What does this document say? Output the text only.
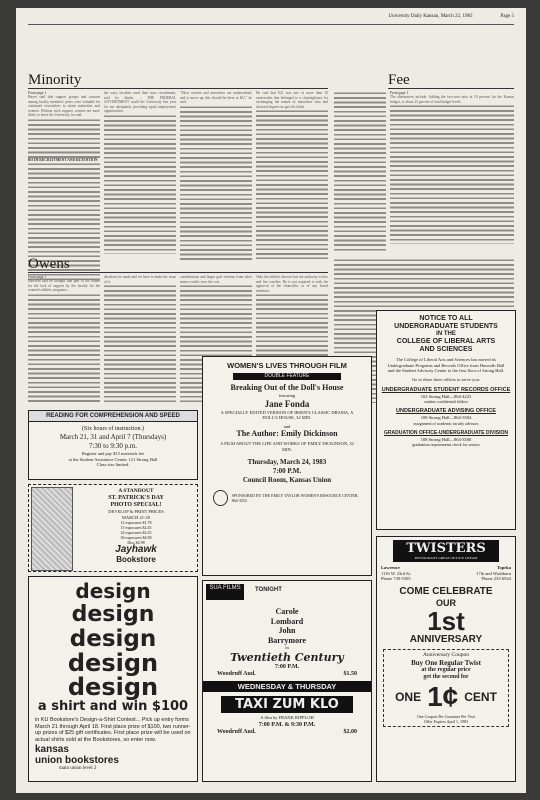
University Daily Kansan, March 22, 1983	Page 5
Minority
From page 1
Hayes said that support groups and concern among faculty members' peers were valuable for continued researchers to retain minorities and women. Without such support, women are more likely to leave the University, he said.
BOTH RECRUITMENT AND RETENTION
the ways faculties used their stars recruitment, said he thinks ... THE FEDERAL GOVERNMENT could the University last year for not adequately providing equal employment opportunities.
"Most women and minorities are undervalued, and to move up, this should be there at KU," he said.
He said that KU was one of more than 10 universities that belonged to a clearinghouse for exchanging the names of minorities who had doctoral degrees in specific fields.
Fee
From page 1
The alternatives include: Adding the two-cent ratio at 10 percent for the Kansas budget, or about 25 percent of total budget levels.
Owens
From page 1
Harrison said he thought that part of the blame for the lack of support by the faculty for the women's athletic programs ...
decisions he made and we have to make the issue of it.
contributions and larger gate revenue from other teams would cover the cost.
Only the athletic director has the authority to hire and fire coaches. He is not required to seek the approval of the chancellor or of any board members.
READING FOR COMPREHENSION AND SPEED
(Six hours of instruction.)
March 21, 31 and April 7 (Thursdays)
7:30 to 9:30 p.m.
Register and pay $15 materials fee
at the Student Assistance Center, 121 Strong Hall
Class size limited.
A STANDOUT
ST. PATRICK'S DAY
PHOTO SPECIAL!
DEVELOP & PRINT PRICES
MARCH 21-29
12 exposures $1.78
15 exposures $2.45
24 exposures $3.25
36 exposures $4.98
Disc $2.98
Jayhawk
Bookstore
design
design
design
design
design
a shirt and win $100
in KU Bookstore's Design-a-Shirt Contest... Pick up entry forms March 21 through April 18. First place prize of $100, two runner-up prizes of $25 gift certificates. First place prize will be used on actual shirts sold at the Bookstores, so enter now.
kansas
union bookstores
main union level 2
WOMEN'S LIVES THROUGH FILM
DOUBLE FEATURE
Breaking Out of the Doll's House
featuring
Jane Fonda
A SPECIALLY EDITED VERSION OF IBSEN'S CLASSIC DRAMA, A DOLL'S HOUSE, 32 MIN.
and
The Author: Emily Dickinson
A FILM ABOUT THE LIFE AND WORKS OF EMILY DICKINSON, 32 MIN.
Thursday, March 24, 1983
7:00 P.M.
Council Room, Kansas Union
SPONSORED BY THE EMILY TAYLOR WOMEN'S RESOURCE CENTER, 864-3552
NOTICE TO ALL
UNDERGRADUATE STUDENTS
IN THE
COLLEGE OF LIBERAL ARTS
AND SCIENCES
The College of Liberal Arts and Sciences has moved its Undergraduate Programs and Records Office from Haworth Hall and the Student Advisory Center to the first floor of Strong Hall.
Go to these three offices to serve you:
UNDERGRADUATE STUDENT RECORDS OFFICE
102 Strong Hall—864-4223
student confidential folders
UNDERGRADUATE ADVISING OFFICE
108 Strong Hall—864-3504
assignment of academic faculty advisors
GRADUATION OFFICE-UNDERGRADUATE DIVISION
108 Strong Hall—864-3500
graduation requirements check for seniors
SUA FILMS	TONIGHT
Carole
Lombard
John
Barrymore
in
Twentieth Century
7:00 P.M.
Woodruff Aud.	$1.50
WEDNESDAY & THURSDAY
TAXI ZUM KLO
A film by FRANK RIPPLOH
7:00 P.M. & 9:30 P.M.
Woodruff Aud.	$2.00
TWISTERS
RESTAURANT GREAT OUT ICE CREAM
Lawrence
1116 W. 23rd St.
Phone 749-5305
Topeka
17th and Washburn
Phone 233-6924
COME CELEBRATE
OUR
1st
ANNIVERSARY
Anniversary Coupon
Buy One Regular Twist
at the regular price
get the second for
ONE 1¢ CENT
One Coupon Per Customer Per Visit
Offer Expires April 1, 1983
